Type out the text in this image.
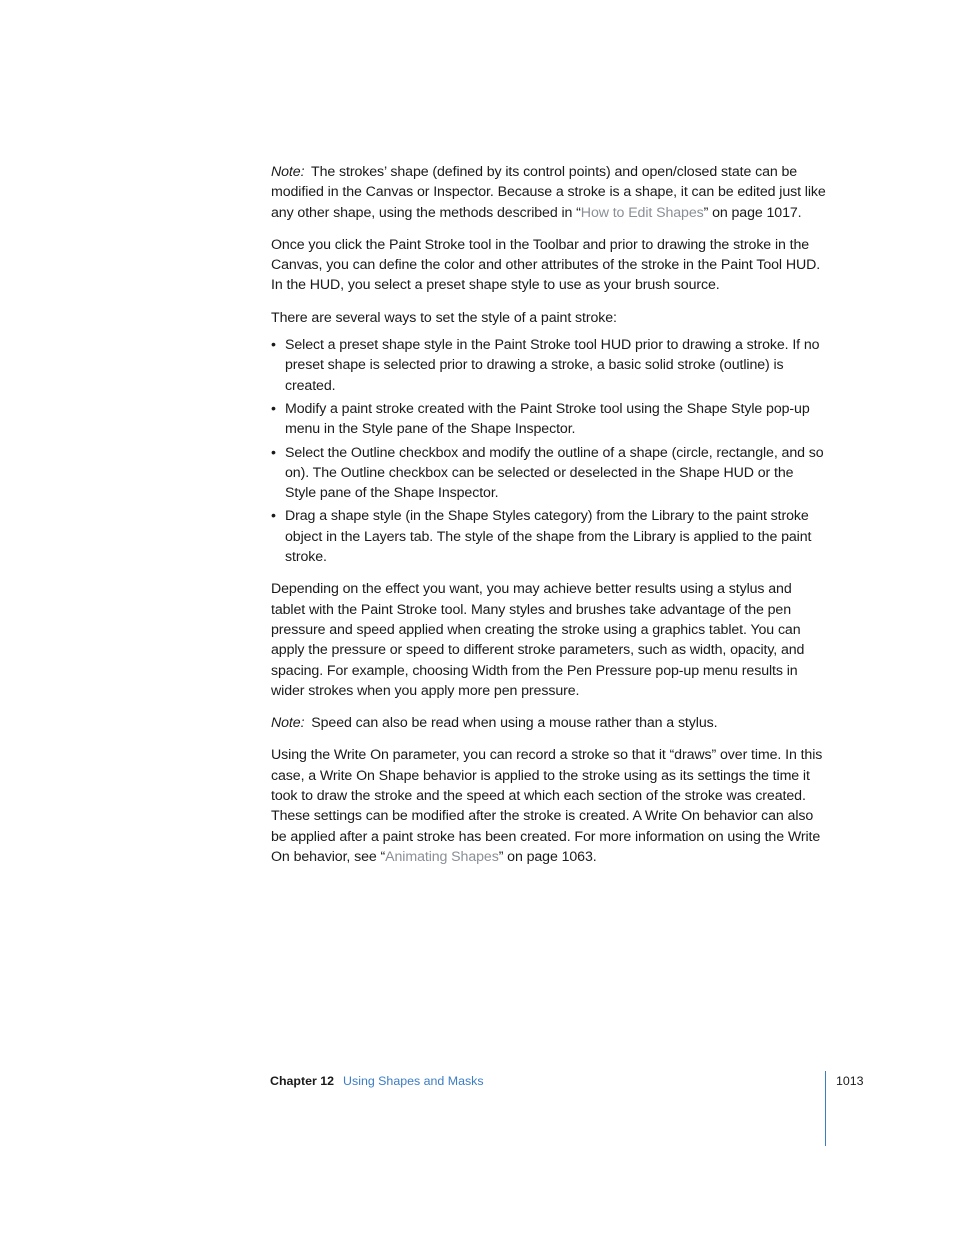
Note: The strokes’ shape (defined by its control points) and open/closed state can be modified in the Canvas or Inspector. Because a stroke is a shape, it can be edited just like any other shape, using the methods described in “How to Edit Shapes” on page 1017.

Once you click the Paint Stroke tool in the Toolbar and prior to drawing the stroke in the Canvas, you can define the color and other attributes of the stroke in the Paint Tool HUD. In the HUD, you select a preset shape style to use as your brush source.

There are several ways to set the style of a paint stroke:

• Select a preset shape style in the Paint Stroke tool HUD prior to drawing a stroke. If no preset shape is selected prior to drawing a stroke, a basic solid stroke (outline) is created.
• Modify a paint stroke created with the Paint Stroke tool using the Shape Style pop-up menu in the Style pane of the Shape Inspector.
• Select the Outline checkbox and modify the outline of a shape (circle, rectangle, and so on). The Outline checkbox can be selected or deselected in the Shape HUD or the Style pane of the Shape Inspector.
• Drag a shape style (in the Shape Styles category) from the Library to the paint stroke object in the Layers tab. The style of the shape from the Library is applied to the paint stroke.

Depending on the effect you want, you may achieve better results using a stylus and tablet with the Paint Stroke tool. Many styles and brushes take advantage of the pen pressure and speed applied when creating the stroke using a graphics tablet. You can apply the pressure or speed to different stroke parameters, such as width, opacity, and spacing. For example, choosing Width from the Pen Pressure pop-up menu results in wider strokes when you apply more pen pressure.

Note: Speed can also be read when using a mouse rather than a stylus.

Using the Write On parameter, you can record a stroke so that it “draws” over time. In this case, a Write On Shape behavior is applied to the stroke using as its settings the time it took to draw the stroke and the speed at which each section of the stroke was created. These settings can be modified after the stroke is created. A Write On behavior can also be applied after a paint stroke has been created. For more information on using the Write On behavior, see “Animating Shapes” on page 1063.

Chapter 12 Using Shapes and Masks	1013
